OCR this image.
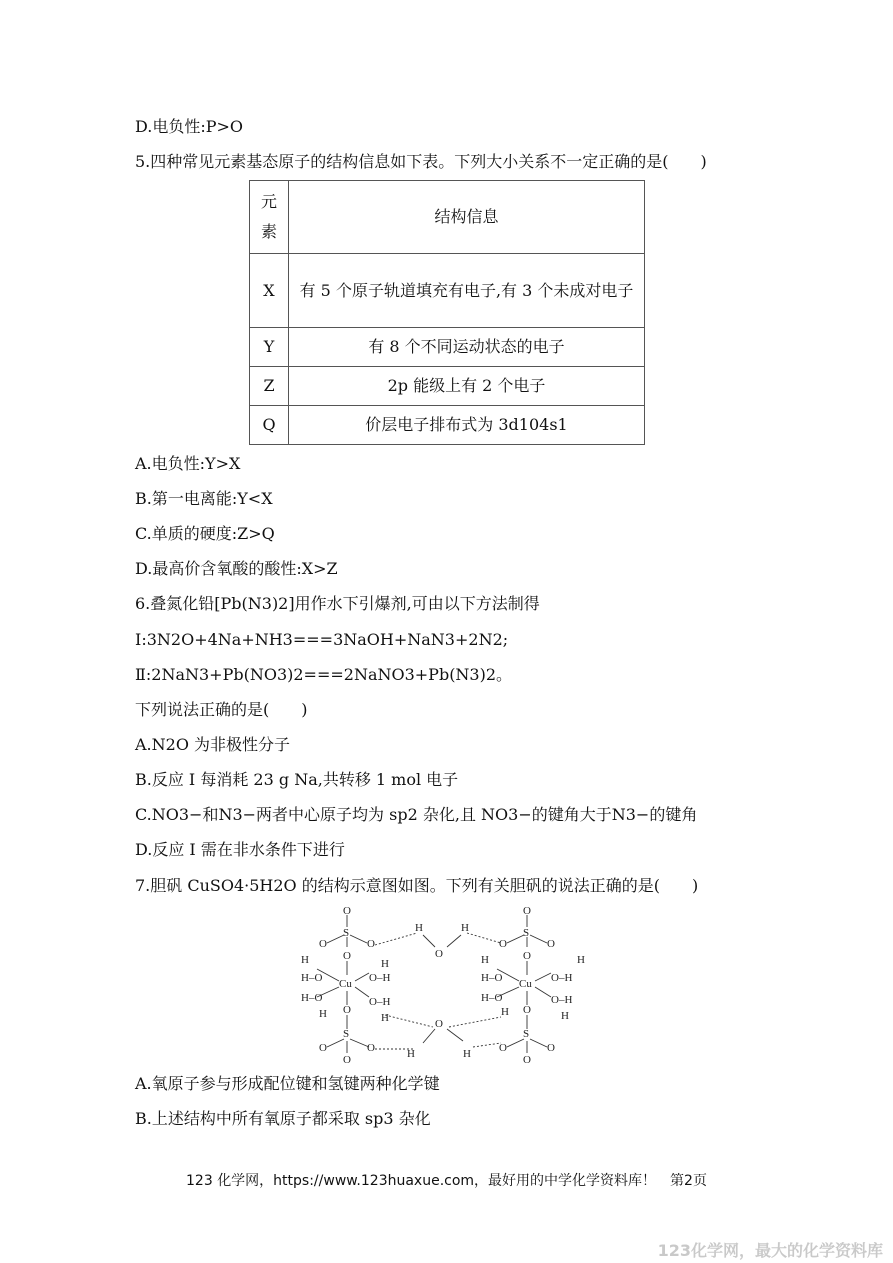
D.电负性:P>O
5.四种常见元素基态原子的结构信息如下表。下列大小关系不一定正确的是(　　)
元素	结构信息
X	有 5 个原子轨道填充有电子,有 3 个未成对电子
Y	有 8 个不同运动状态的电子
Z	2p 能级上有 2 个电子
Q	价层电子排布式为 3d104s1
A.电负性:Y>X
B.第一电离能:Y<X
C.单质的硬度:Z>Q
D.最高价含氧酸的酸性:X>Z
6.叠氮化铅[Pb(N3)2]用作水下引爆剂,可由以下方法制得
Ⅰ:3N2O+4Na+NH3===3NaOH+NaN3+2N2;
Ⅱ:2NaN3+Pb(NO3)2===2NaNO3+Pb(N3)2。
下列说法正确的是(　　)
A.N2O 为非极性分子
B.反应 I 每消耗 23 g Na,共转移 1 mol 电子
C.NO3−和N3−两者中心原子均为 sp2 杂化,且 NO3−的键角大于N3−的键角
D.反应 I 需在非水条件下进行
7.胆矾 CuSO4·5H2O 的结构示意图如图。下列有关胆矾的说法正确的是(　　)
O
S
O	O
O
H
O
H
O
S
O	O
O
H
H–O Cu O–H
H
H–O	O–H
H	H
O
H
H–O Cu O–H
H
H–O	O–H
H	H
O
S
O	O
O
O
H	H
S
O	O
O
A.氧原子参与形成配位键和氢键两种化学键
B.上述结构中所有氧原子都采取 sp3 杂化
123 化学网，https://www.123huaxue.com，最好用的中学化学资料库！　第2页
123化学网，最大的化学资料库
